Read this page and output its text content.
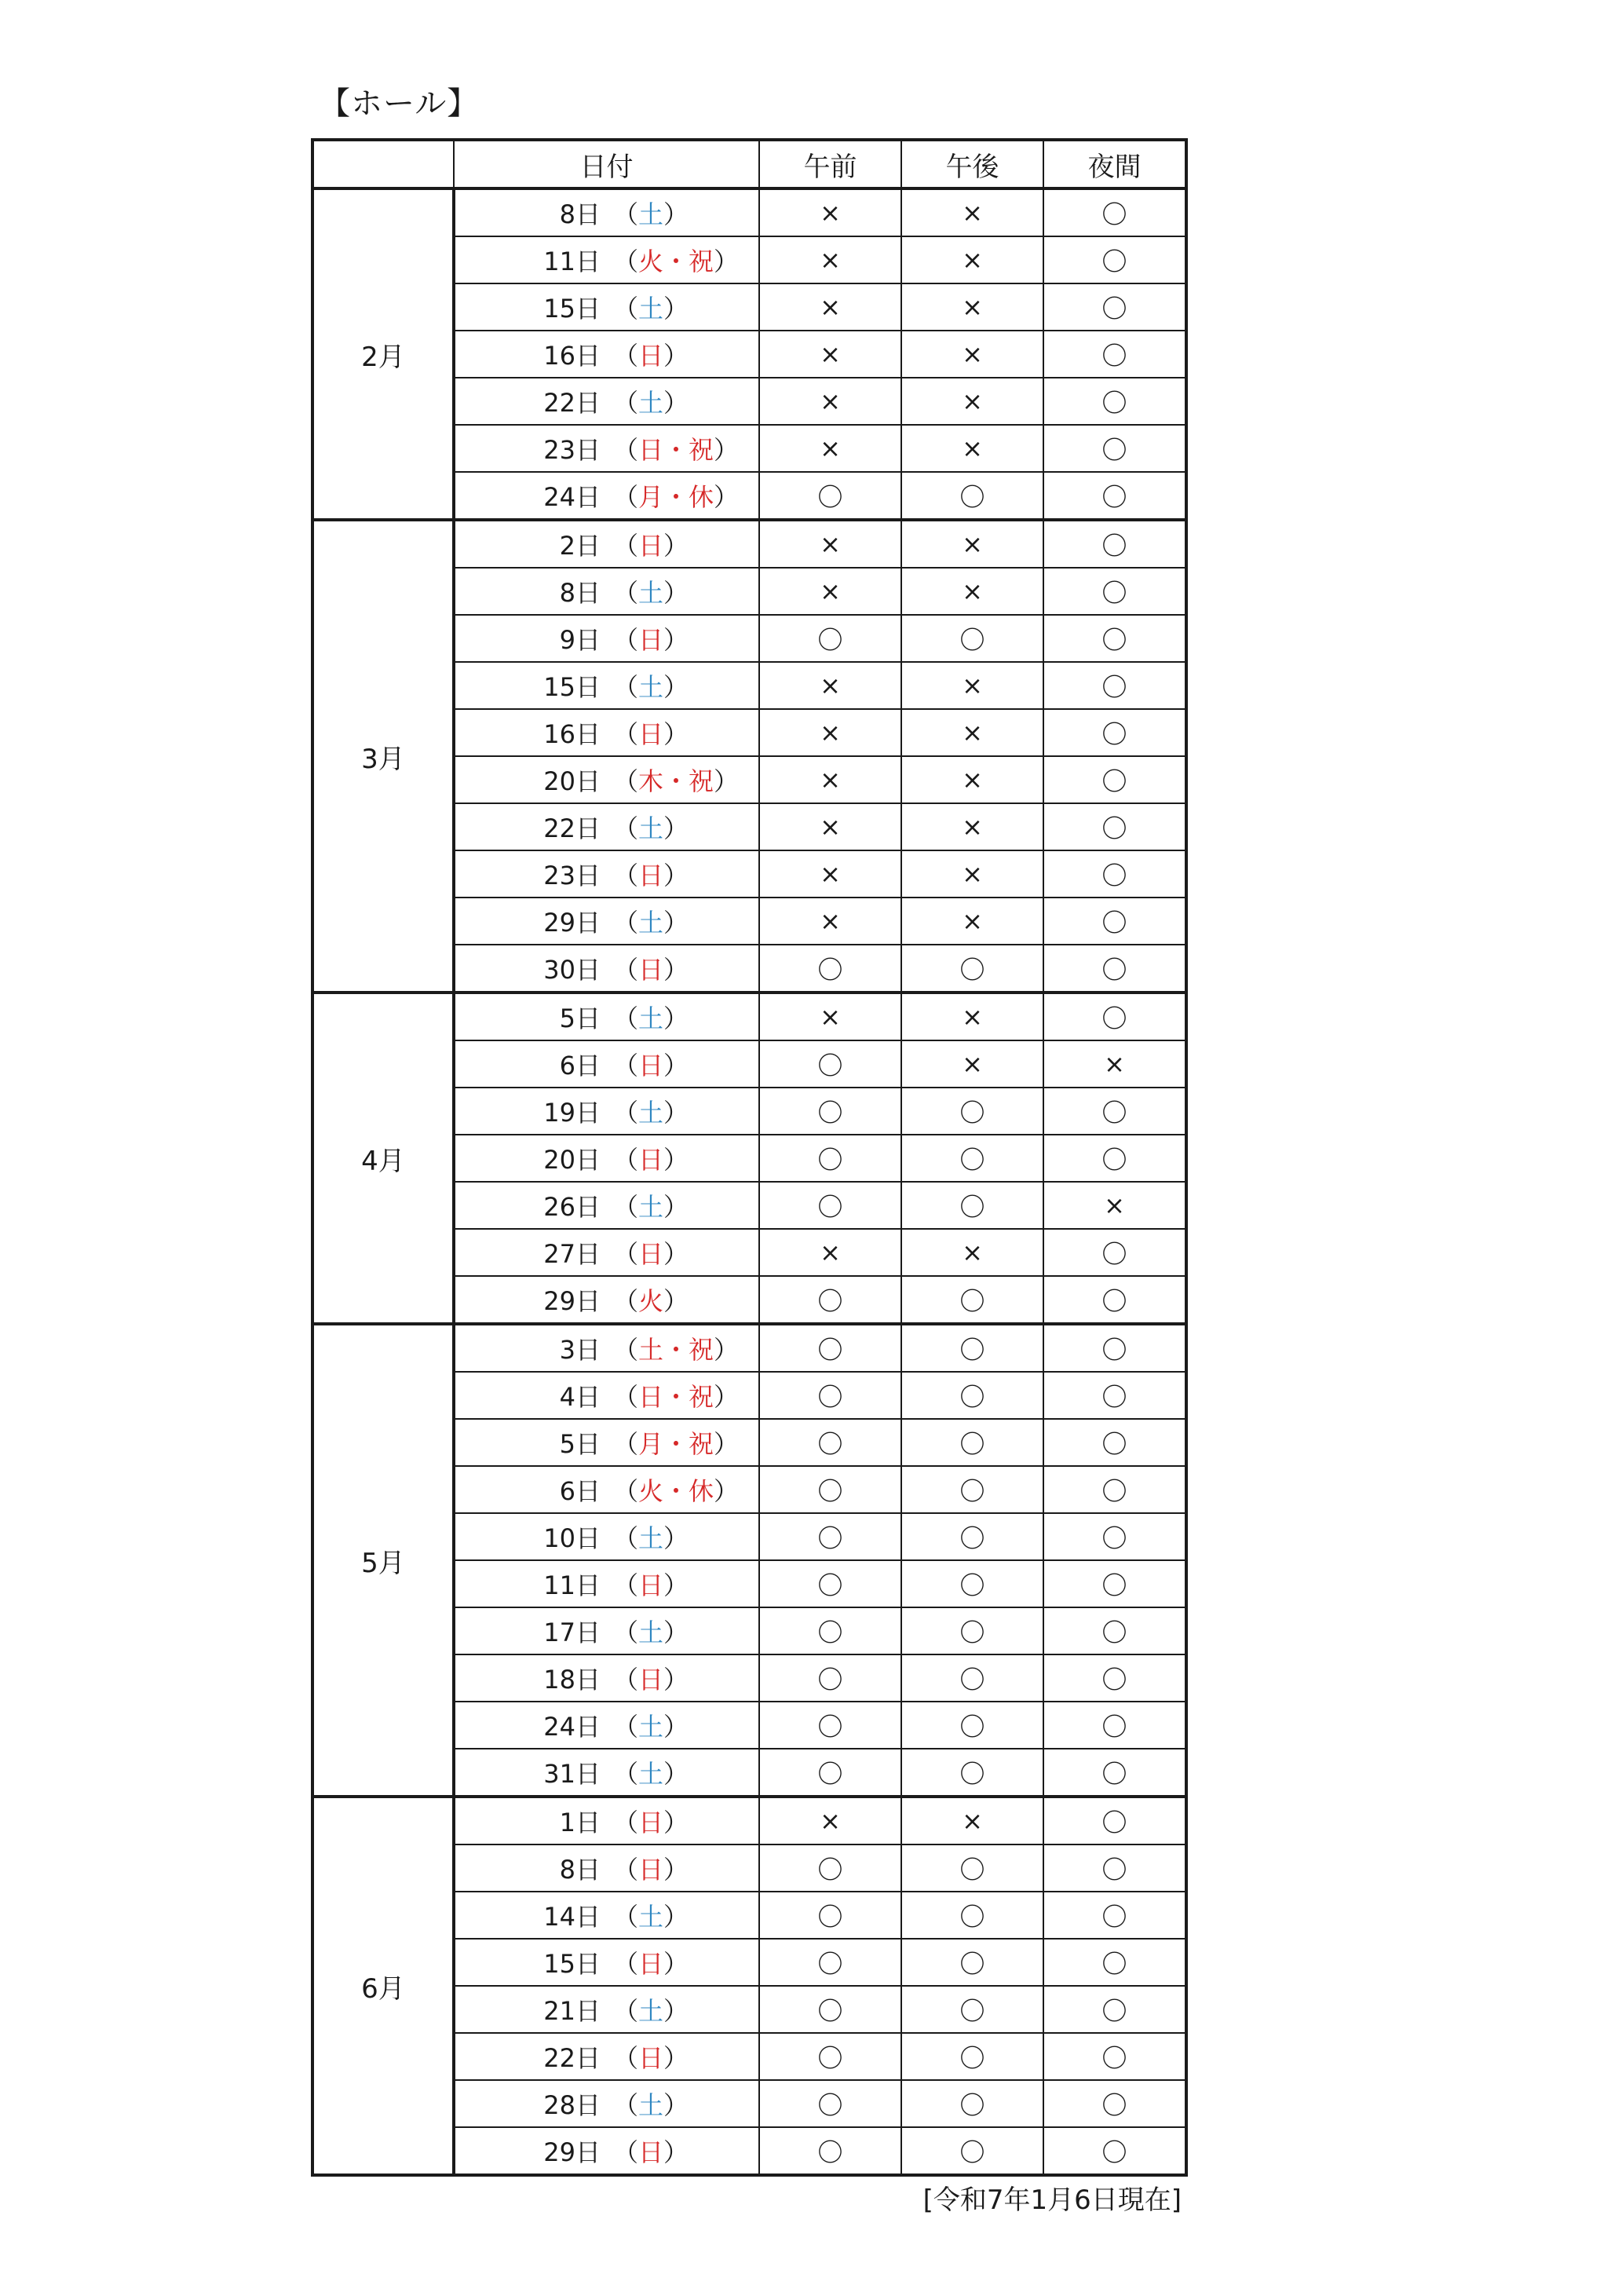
【ホール】
	日付	午前	午後	夜間
2月	8日 （土）	×	×	〇

	11日 （火・祝）	×	×	〇

	15日 （土）	×	×	〇

	16日 （日）	×	×	〇

	22日 （土）	×	×	〇

	23日 （日・祝）	×	×	〇

	24日 （月・休）	〇	〇	〇
3月	2日 （日）	×	×	〇

	8日 （土）	×	×	〇

	9日 （日）	〇	〇	〇

	15日 （土）	×	×	〇

	16日 （日）	×	×	〇

	20日 （木・祝）	×	×	〇

	22日 （土）	×	×	〇

	23日 （日）	×	×	〇

	29日 （土）	×	×	〇

	30日 （日）	〇	〇	〇
4月	5日 （土）	×	×	〇

	6日 （日）	〇	×	×

	19日 （土）	〇	〇	〇

	20日 （日）	〇	〇	〇

	26日 （土）	〇	〇	×

	27日 （日）	×	×	〇

	29日 （火）	〇	〇	〇
5月	3日 （土・祝）	〇	〇	〇

	4日 （日・祝）	〇	〇	〇

	5日 （月・祝）	〇	〇	〇

	6日 （火・休）	〇	〇	〇

	10日 （土）	〇	〇	〇

	11日 （日）	〇	〇	〇

	17日 （土）	〇	〇	〇

	18日 （日）	〇	〇	〇

	24日 （土）	〇	〇	〇

	31日 （土）	〇	〇	〇
6月	1日 （日）	×	×	〇

	8日 （日）	〇	〇	〇

	14日 （土）	〇	〇	〇

	15日 （日）	〇	〇	〇

	21日 （土）	〇	〇	〇

	22日 （日）	〇	〇	〇

	28日 （土）	〇	〇	〇

	29日 （日）	〇	〇	〇
[令和7年1月6日現在]
